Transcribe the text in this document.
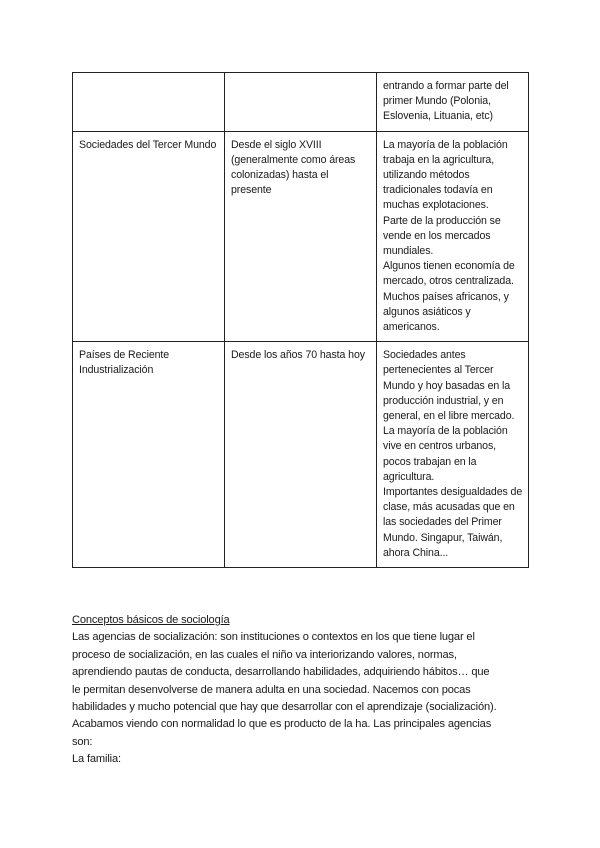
		entrando a formar parte del primer Mundo (Polonia, Eslovenia, Lituania, etc)

Sociedades del Tercer Mundo	Desde el siglo XVIII (generalmente como áreas colonizadas) hasta el presente	La mayoría de la población trabaja en la agricultura, utilizando métodos tradicionales todavía en muchas explotaciones.
Parte de la producción se vende en los mercados mundiales.
Algunos tienen economía de mercado, otros centralizada. Muchos países africanos, y algunos asiáticos y americanos.

Países de Reciente Industrialización	Desde los años 70 hasta hoy	Sociedades antes pertenecientes al Tercer Mundo y hoy basadas en la producción industrial, y en general, en el libre mercado.
La mayoría de la población vive en centros urbanos, pocos trabajan en la agricultura.
Importantes desigualdades de clase, más acusadas que en las sociedades del Primer Mundo. Singapur, Taiwán, ahora China...
Conceptos básicos de sociología
Las agencias de socialización: son instituciones o contextos en los que tiene lugar el
proceso de socialización, en las cuales el niño va interiorizando valores, normas,
aprendiendo pautas de conducta, desarrollando habilidades, adquiriendo hábitos… que
le permitan desenvolverse de manera adulta en una sociedad. Nacemos con pocas
habilidades y mucho potencial que hay que desarrollar con el aprendizaje (socialización).
Acabamos viendo con normalidad lo que es producto de la ha. Las principales agencias
son:
La familia:
